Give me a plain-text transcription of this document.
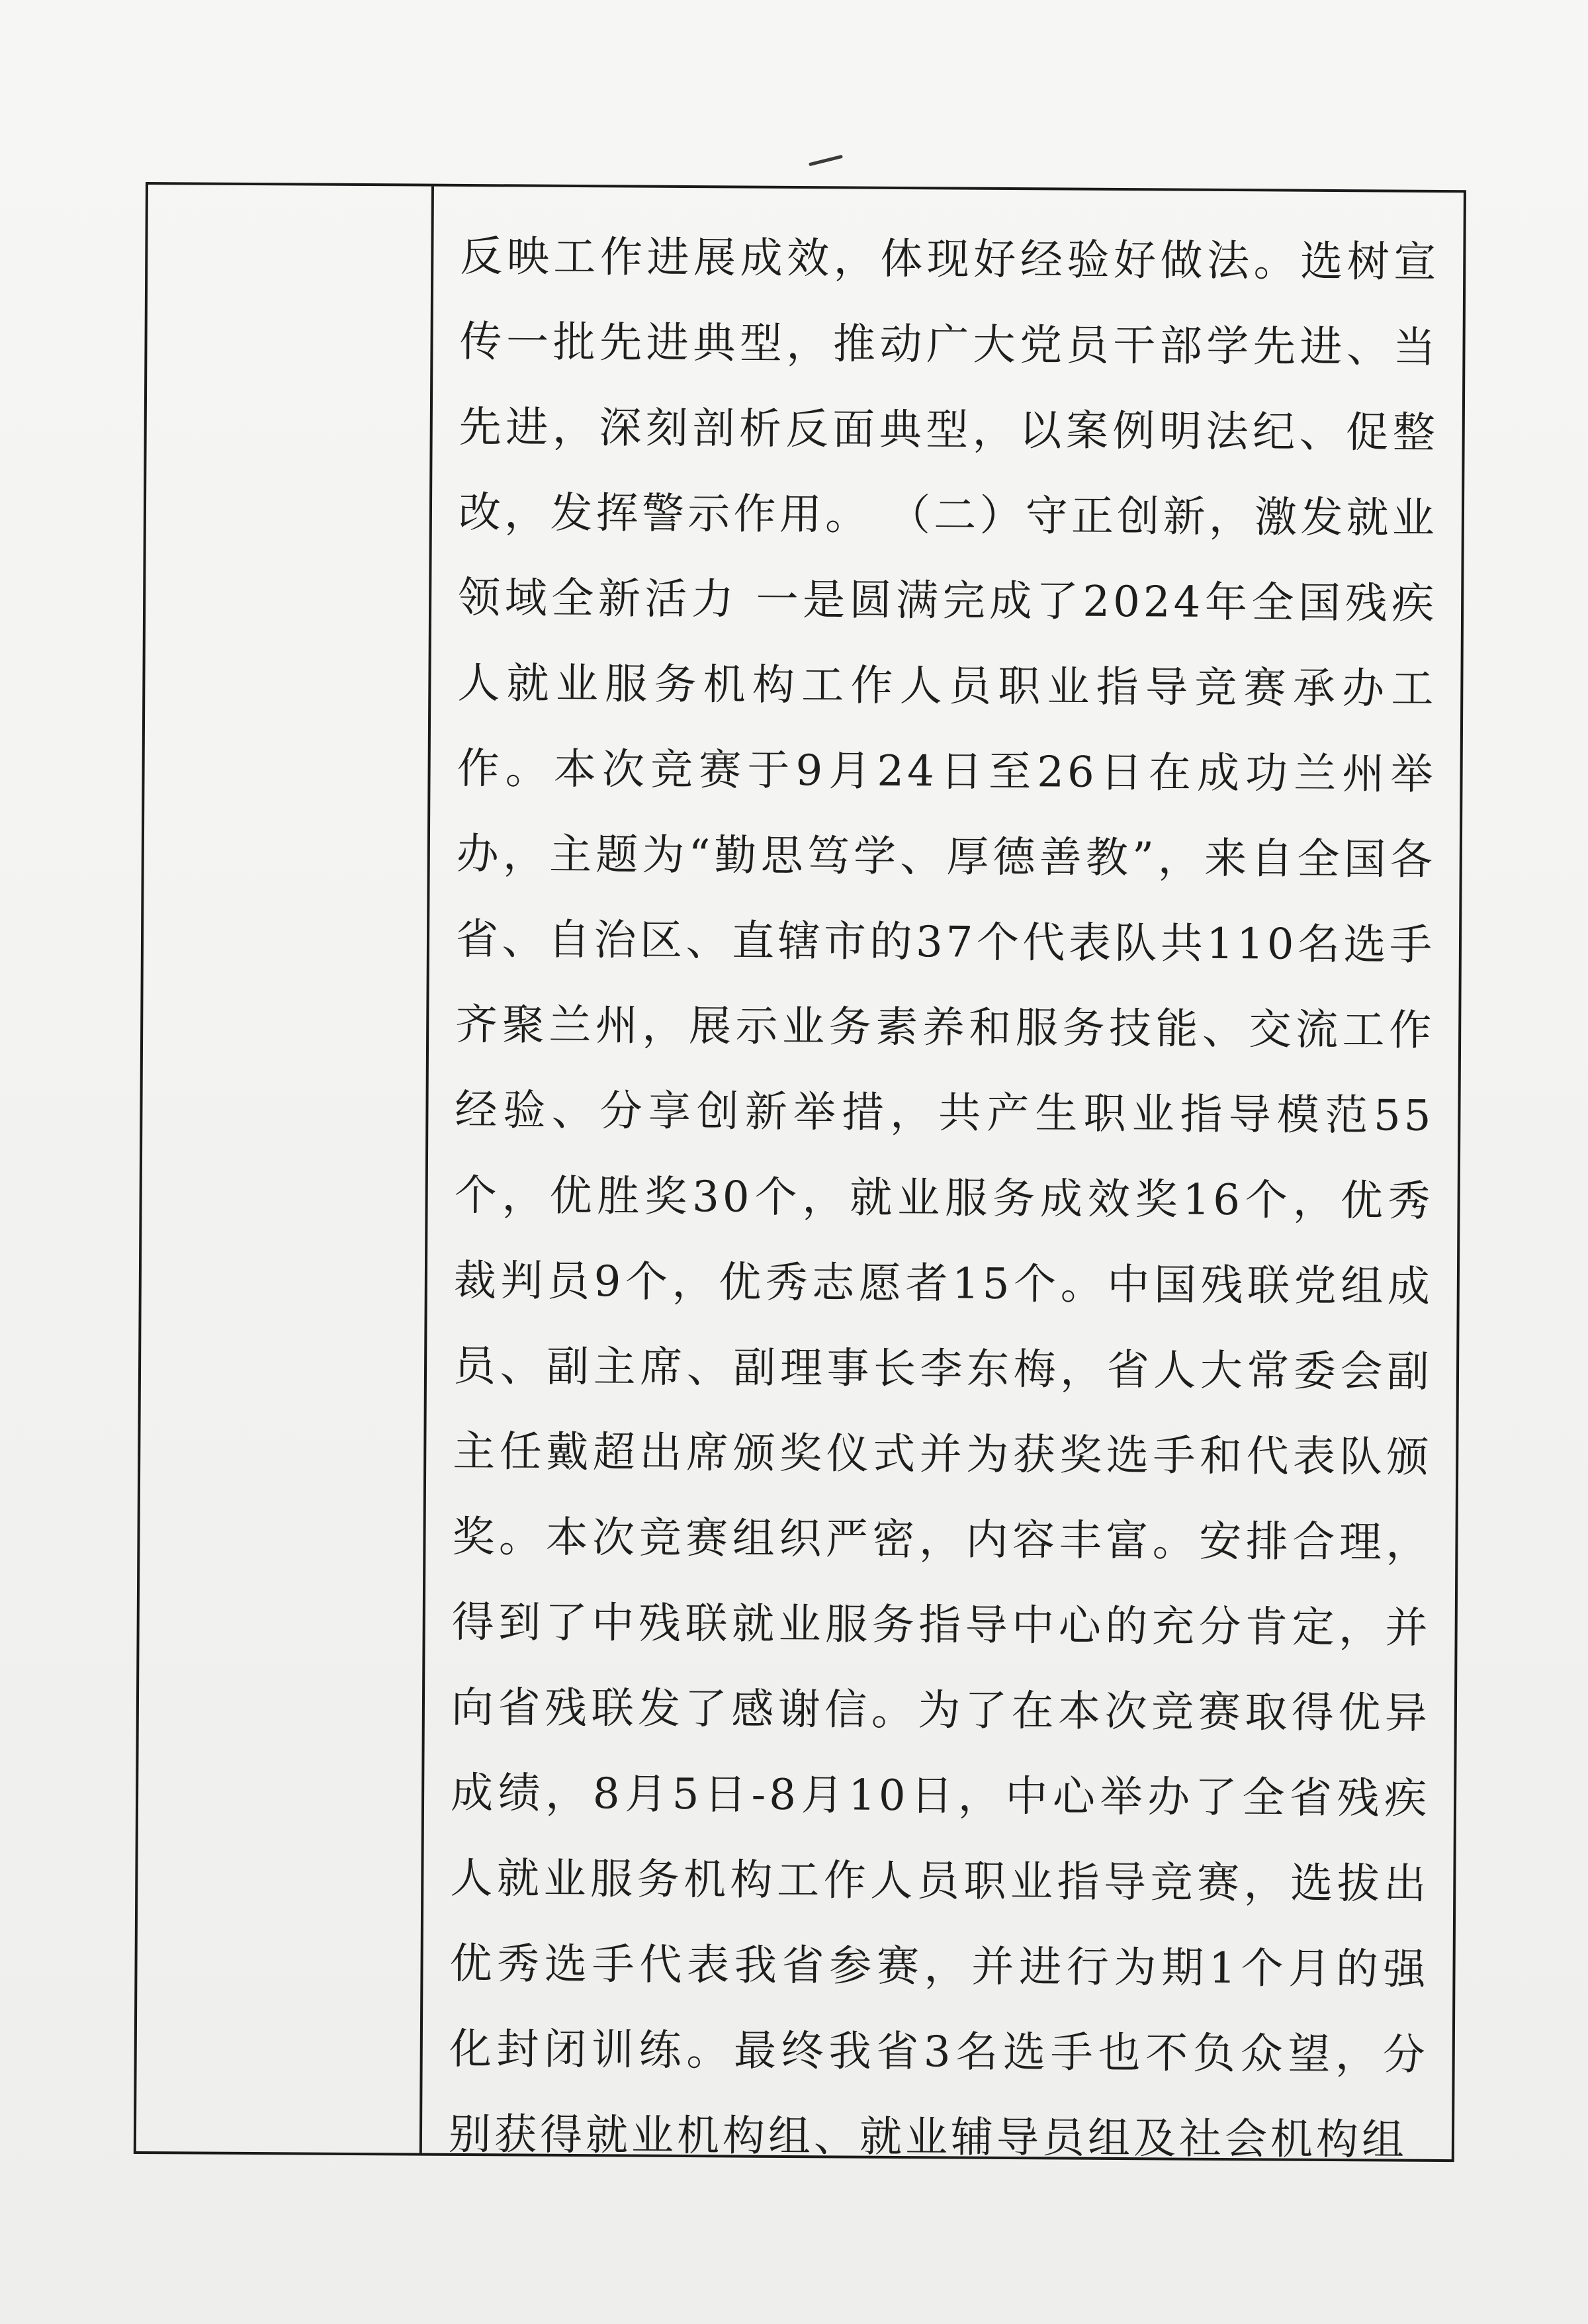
反映工作进展成效，体现好经验好做法。选树宣传一批先进典型，推动广大党员干部学先进、当先进，深刻剖析反面典型，以案例明法纪、促整改，发挥警示作用。 （二）守正创新，激发就业领域全新活力 一是圆满完成了2024年全国残疾人就业服务机构工作人员职业指导竞赛承办工作。本次竞赛于9月24日至26日在成功兰州举办，主题为“勤思笃学、厚德善教”，来自全国各省、自治区、直辖市的37个代表队共110名选手齐聚兰州，展示业务素养和服务技能、交流工作经验、分享创新举措，共产生职业指导模范55个，优胜奖30个，就业服务成效奖16个，优秀裁判员9个，优秀志愿者15个。中国残联党组成员、副主席、副理事长李东梅，省人大常委会副主任戴超出席颁奖仪式并为获奖选手和代表队颁奖。本次竞赛组织严密，内容丰富。安排合理，得到了中残联就业服务指导中心的充分肯定，并向省残联发了感谢信。为了在本次竞赛取得优异成绩，8月5日-8月10日，中心举办了全省残疾人就业服务机构工作人员职业指导竞赛，选拔出优秀选手代表我省参赛，并进行为期1个月的强化封闭训练。最终我省3名选手也不负众望，分别获得就业机构组、就业辅导员组及社会机构组
